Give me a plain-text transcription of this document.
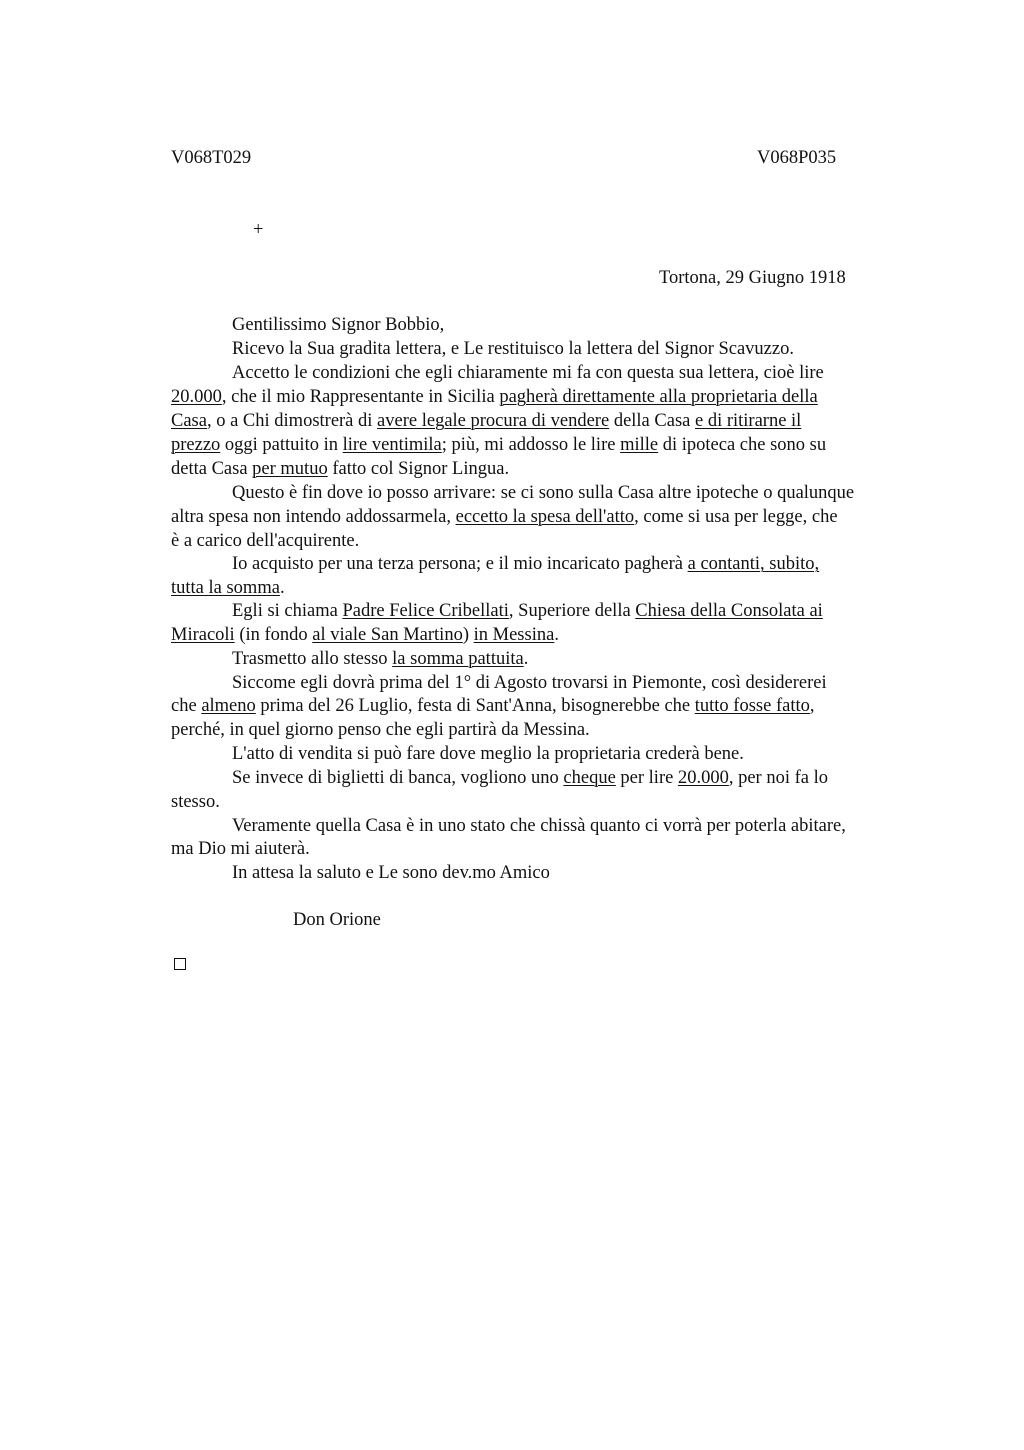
V068T029	V068P035
+
Tortona, 29 Giugno 1918
Gentilissimo Signor Bobbio,
Ricevo la Sua gradita lettera, e Le restituisco la lettera del Signor Scavuzzo.
Accetto le condizioni che egli chiaramente mi fa con questa sua lettera, cioè lire
20.000, che il mio Rappresentante in Sicilia pagherà direttamente alla proprietaria della
Casa, o a Chi dimostrerà di avere legale procura di vendere della Casa e di ritirarne il
prezzo oggi pattuito in lire ventimila; più, mi addosso le lire mille di ipoteca che sono su
detta Casa per mutuo fatto col Signor Lingua.
Questo è fin dove io posso arrivare: se ci sono sulla Casa altre ipoteche o qualunque
altra spesa non intendo addossarmela, eccetto la spesa dell'atto, come si usa per legge, che
è a carico dell'acquirente.
Io acquisto per una terza persona; e il mio incaricato pagherà a contanti, subito,
tutta la somma.
Egli si chiama Padre Felice Cribellati, Superiore della Chiesa della Consolata ai
Miracoli (in fondo al viale San Martino) in Messina.
Trasmetto allo stesso la somma pattuita.
Siccome egli dovrà prima del 1° di Agosto trovarsi in Piemonte, così desidererei
che almeno prima del 26 Luglio, festa di Sant'Anna, bisognerebbe che tutto fosse fatto,
perché, in quel giorno penso che egli partirà da Messina.
L'atto di vendita si può fare dove meglio la proprietaria crederà bene.
Se invece di biglietti di banca, vogliono uno cheque per lire 20.000, per noi fa lo
stesso.
Veramente quella Casa è in uno stato che chissà quanto ci vorrà per poterla abitare,
ma Dio mi aiuterà.
In attesa la saluto e Le sono dev.mo Amico
Don Orione
